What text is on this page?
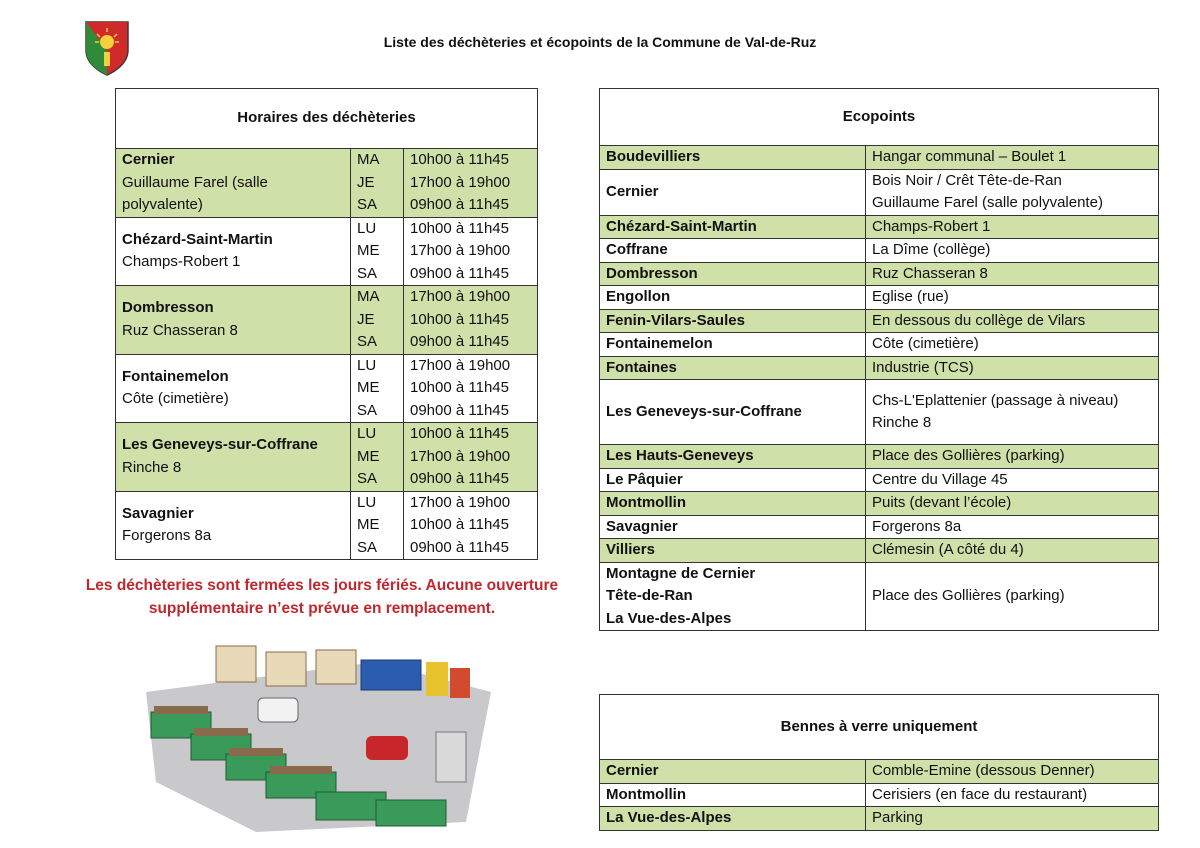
Liste des déchèteries et écopoints de la Commune de Val-de-Ruz
Horaires des déchèteries		

Cernier
Guillaume Farel (salle polyvalente)	MA	10h00 à 11h45
	JE	17h00 à 19h00
	SA	09h00 à 11h45

Chézard-Saint-Martin
Champs-Robert 1	LU	10h00 à 11h45
	ME	17h00 à 19h00
	SA	09h00 à 11h45

Dombresson
Ruz Chasseran 8	MA	17h00 à 19h00
	JE	10h00 à 11h45
	SA	09h00 à 11h45

Fontainemelon
Côte (cimetière)	LU	17h00 à 19h00
	ME	10h00 à 11h45
	SA	09h00 à 11h45

Les Geneveys-sur-Coffrane
Rinche 8	LU	10h00 à 11h45
	ME	17h00 à 19h00
	SA	09h00 à 11h45

Savagnier
Forgerons 8a	LU	17h00 à 19h00
	ME	10h00 à 11h45
	SA	09h00 à 11h45
Les déchèteries sont fermées les jours fériés. Aucune ouverture supplémentaire n’est prévue en remplacement.
Ecopoints	
Boudevilliers	Hangar communal – Boulet 1
Cernier	Bois Noir / Crêt Tête-de-Ran
Guillaume Farel (salle polyvalente)
Chézard-Saint-Martin	Champs-Robert 1
Coffrane	La Dîme (collège)
Dombresson	Ruz Chasseran 8
Engollon	Eglise (rue)
Fenin-Vilars-Saules	En dessous du collège de Vilars
Fontainemelon	Côte (cimetière)
Fontaines	Industrie (TCS)
Les Geneveys-sur-Coffrane	Chs-L'Eplattenier (passage à niveau)
Rinche 8
Les Hauts-Geneveys	Place des Gollières (parking)
Le Pâquier	Centre du Village 45
Montmollin	Puits (devant l’école)
Savagnier	Forgerons 8a
Villiers	Clémesin (A côté du 4)
Montagne de Cernier
Tête-de-Ran
La Vue-des-Alpes	Place des Gollières (parking)
Bennes à verre uniquement	
Cernier	Comble-Emine (dessous Denner)
Montmollin	Cerisiers (en face du restaurant)
La Vue-des-Alpes	Parking
